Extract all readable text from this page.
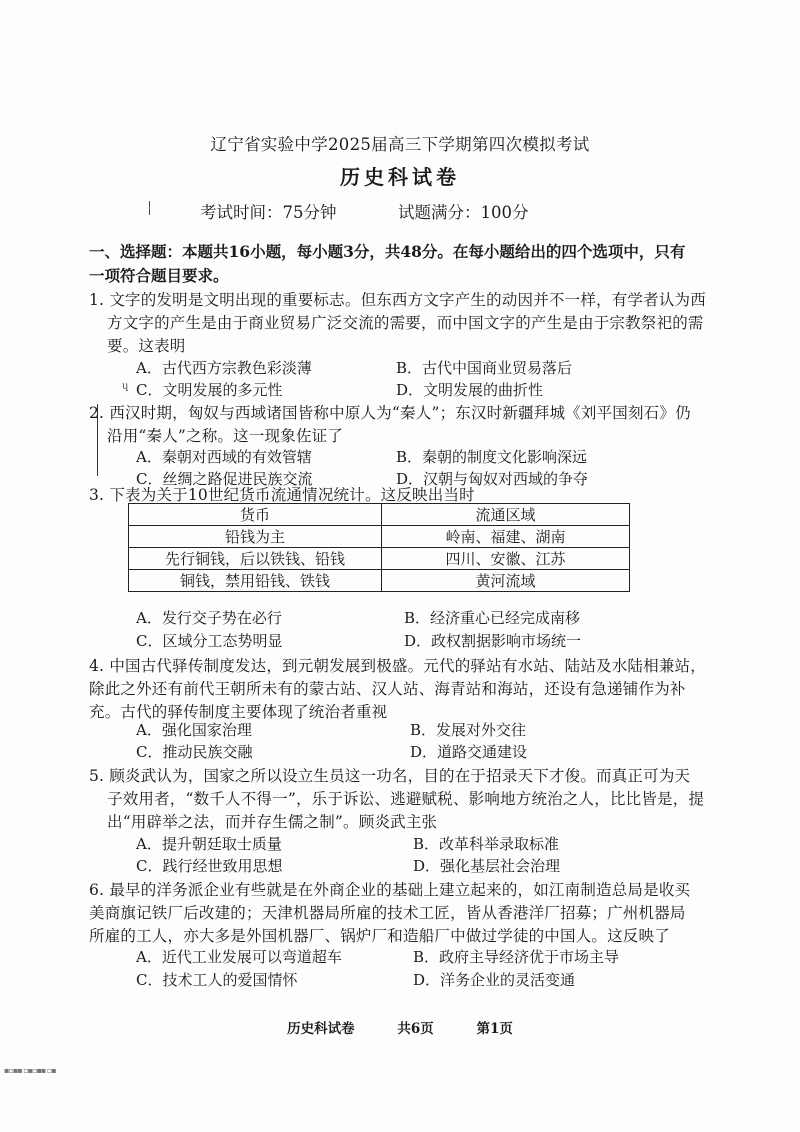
辽宁省实验中学2025届高三下学期第四次模拟考试
历史科试卷
考试时间：75分钟	试题满分：100分
一、选择题：本题共16小题，每小题3分，共48分。在每小题给出的四个选项中，只有
一项符合题目要求。
1. 文字的发明是文明出现的重要标志。但东西方文字产生的动因并不一样，有学者认为西
方文字的产生是由于商业贸易广泛交流的需要，而中国文字的产生是由于宗教祭祀的需
要。这表明
A．古代西方宗教色彩淡薄	B．古代中国商业贸易落后
C．文明发展的多元性	D．文明发展的曲折性
ɥ
2. 西汉时期，匈奴与西域诸国皆称中原人为“秦人”；东汉时新疆拜城《刘平国刻石》仍
沿用“秦人”之称。这一现象佐证了
A．秦朝对西域的有效管辖	B．秦朝的制度文化影响深远
C．丝绸之路促进民族交流	D．汉朝与匈奴对西域的争夺
3. 下表为关于10世纪货币流通情况统计。这反映出当时
货币	流通区域
铅钱为主	岭南、福建、湖南
先行铜钱，后以铁钱、铅钱	四川、安徽、江苏
铜钱，禁用铅钱、铁钱	黄河流域
A．发行交子势在必行	B．经济重心已经完成南移
C．区域分工态势明显	D．政权割据影响市场统一
4. 中国古代驿传制度发达，到元朝发展到极盛。元代的驿站有水站、陆站及水陆相兼站，
除此之外还有前代王朝所未有的蒙古站、汉人站、海青站和海站，还设有急递铺作为补
充。古代的驿传制度主要体现了统治者重视
A．强化国家治理	B．发展对外交往
C．推动民族交融	D．道路交通建设
5. 顾炎武认为，国家之所以设立生员这一功名，目的在于招录天下才俊。而真正可为天
子效用者，“数千人不得一”，乐于诉讼、逃避赋税、影响地方统治之人，比比皆是，提
出“用辟举之法，而并存生儒之制”。顾炎武主张
A．提升朝廷取士质量	B．改革科举录取标准
C．践行经世致用思想	D．强化基层社会治理
6. 最早的洋务派企业有些就是在外商企业的基础上建立起来的，如江南制造总局是收买
美商旗记铁厂后改建的；天津机器局所雇的技术工匠，皆从香港洋厂招募；广州机器局
所雇的工人，亦大多是外国机器厂、锅炉厂和造船厂中做过学徒的中国人。这反映了
A．近代工业发展可以弯道超车	B．政府主导经济优于市场主导
C．技术工人的爱国情怀	D．洋务企业的灵活变通
历史科试卷	共6页	第1页
▪▫▪▪ ▫▪▫▪▪ ▫▪
